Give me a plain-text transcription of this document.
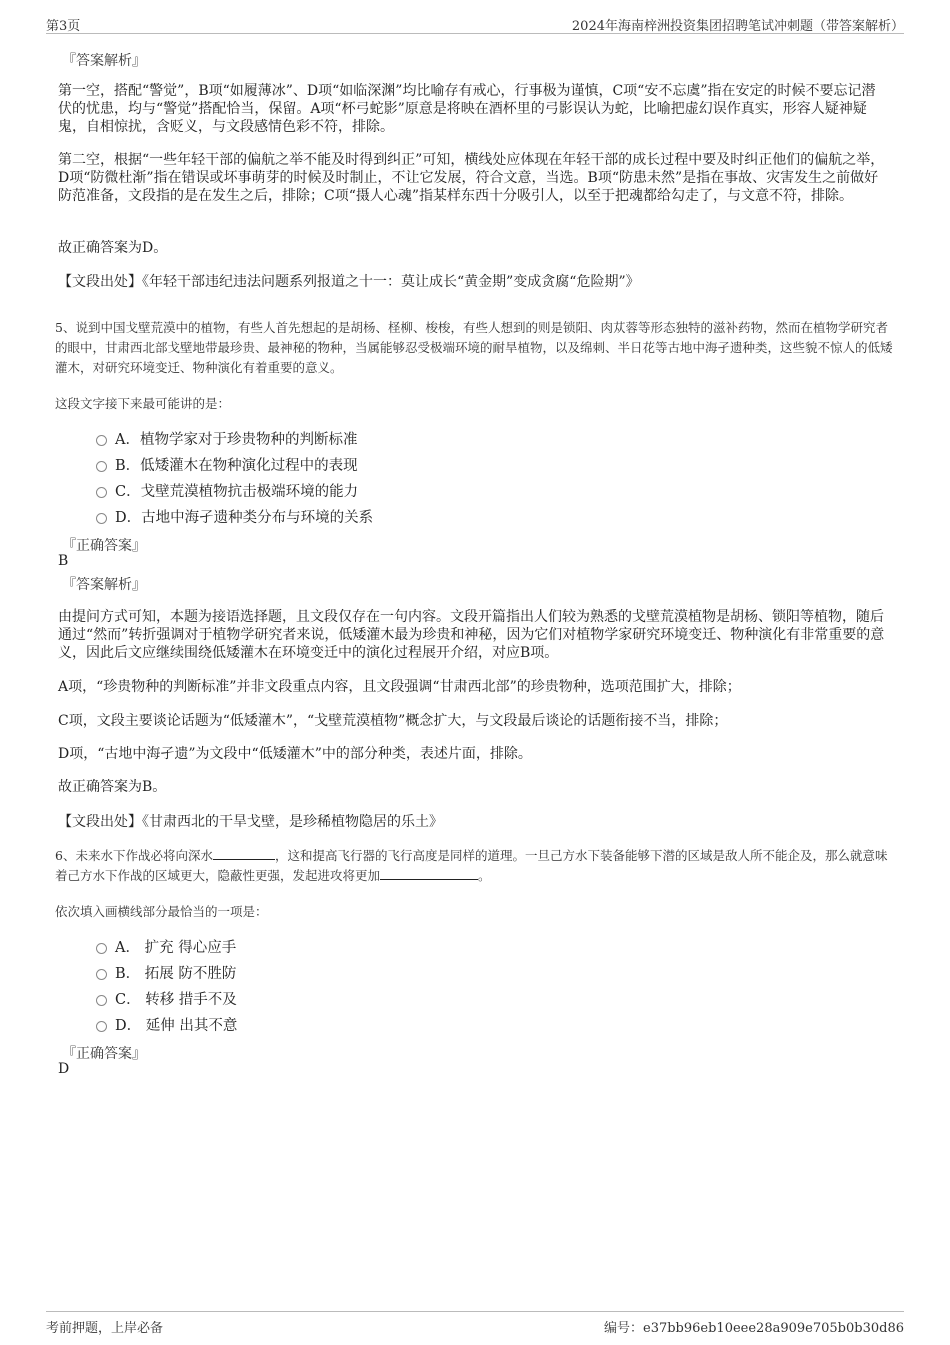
第3页	2024年海南梓洲投资集团招聘笔试冲刺题（带答案解析）
『答案解析』
第一空，搭配“警觉”，B项“如履薄冰”、D项“如临深渊”均比喻存有戒心，行事极为谨慎，C项“安不忘虞”指在安定的时候不要忘记潜伏的忧患，均与“警觉”搭配恰当，保留。A项“杯弓蛇影”原意是将映在酒杯里的弓影误认为蛇，比喻把虚幻误作真实，形容人疑神疑鬼，自相惊扰，含贬义，与文段感情色彩不符，排除。
第二空，根据“一些年轻干部的偏航之举不能及时得到纠正”可知，横线处应体现在年轻干部的成长过程中要及时纠正他们的偏航之举，D项“防微杜渐”指在错误或坏事萌芽的时候及时制止，不让它发展，符合文意，当选。B项“防患未然”是指在事故、灾害发生之前做好防范准备，文段指的是在发生之后，排除；C项“摄人心魂”指某样东西十分吸引人，以至于把魂都给勾走了，与文意不符，排除。
故正确答案为D。
【文段出处】《年轻干部违纪违法问题系列报道之十一：莫让成长“黄金期”变成贪腐“危险期”》
5、说到中国戈壁荒漠中的植物，有些人首先想起的是胡杨、柽柳、梭梭，有些人想到的则是锁阳、肉苁蓉等形态独特的滋补药物，然而在植物学研究者的眼中，甘肃西北部戈壁地带最珍贵、最神秘的物种，当属能够忍受极端环境的耐旱植物，以及绵刺、半日花等古地中海孑遗种类，这些貌不惊人的低矮灌木，对研究环境变迁、物种演化有着重要的意义。
这段文字接下来最可能讲的是：
A．植物学家对于珍贵物种的判断标准
B．低矮灌木在物种演化过程中的表现
C．戈壁荒漠植物抗击极端环境的能力
D．古地中海孑遗种类分布与环境的关系
『正确答案』
B
『答案解析』
由提问方式可知，本题为接语选择题，且文段仅存在一句内容。文段开篇指出人们较为熟悉的戈壁荒漠植物是胡杨、锁阳等植物，随后通过“然而”转折强调对于植物学研究者来说，低矮灌木最为珍贵和神秘，因为它们对植物学家研究环境变迁、物种演化有非常重要的意义，因此后文应继续围绕低矮灌木在环境变迁中的演化过程展开介绍，对应B项。
A项，“珍贵物种的判断标准”并非文段重点内容，且文段强调“甘肃西北部”的珍贵物种，选项范围扩大，排除；
C项，文段主要谈论话题为“低矮灌木”，“戈壁荒漠植物”概念扩大，与文段最后谈论的话题衔接不当，排除；
D项，“古地中海孑遗”为文段中“低矮灌木”中的部分种类，表述片面，排除。
故正确答案为B。
【文段出处】《甘肃西北的干旱戈壁，是珍稀植物隐居的乐土》
6、未来水下作战必将向深水	，这和提高飞行器的飞行高度是同样的道理。一旦己方水下装备能够下潜的区域是敌人所不能企及，那么就意味着己方水下作战的区域更大，隐蔽性更强，发起进攻将更加	。
依次填入画横线部分最恰当的一项是：
A． 扩充 得心应手
B． 拓展 防不胜防
C． 转移 措手不及
D． 延伸 出其不意
『正确答案』
D
考前押题，上岸必备	编号：e37bb96eb10eee28a909e705b0b30d86
